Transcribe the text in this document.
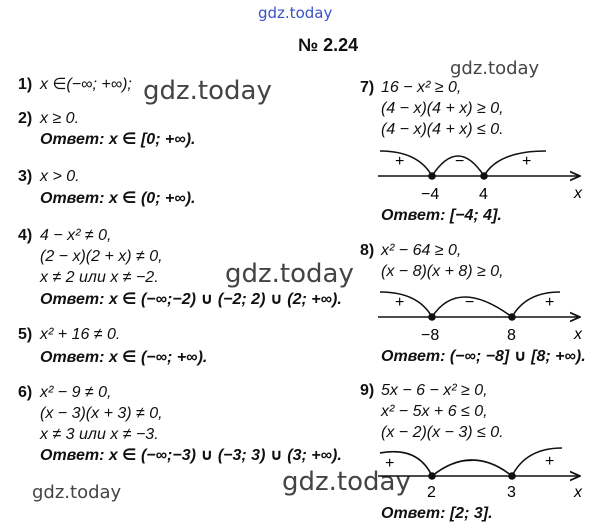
gdz.today
gdz.today
gdz.today
gdz.today
gdz.today	gdz.today
№ 2.24
1) x ∈(−∞; +∞);
2) x ≥ 0.
Ответ: x ∈ [0; +∞).
3) x > 0.
Ответ: x ∈ (0; +∞).
4) 4 − x² ≠ 0,
(2 − x)(2 + x) ≠ 0,
x ≠ 2 или x ≠ −2.
Ответ: x ∈ (−∞;−2) ∪ (−2; 2) ∪ (2; +∞).
5) x² + 16 ≠ 0.
Ответ: x ∈ (−∞; +∞).
6) x² − 9 ≠ 0,
(x − 3)(x + 3) ≠ 0,
x ≠ 3 или x ≠ −3.
Ответ: x ∈ (−∞;−3) ∪ (−3; 3) ∪ (3; +∞).
7) 16 − x² ≥ 0,
(4 − x)(4 + x) ≥ 0,
(4 − x)(4 + x) ≤ 0.
Ответ: [−4; 4].
8) x² − 64 ≥ 0,
(x − 8)(x + 8) ≥ 0,
Ответ: (−∞; −8] ∪ [8; +∞).
9) 5x − 6 − x² ≥ 0,
x² − 5x + 6 ≤ 0,
(x − 2)(x − 3) ≤ 0.
Ответ: [2; 3].
+	−	+
−4 4	x
+	−	+
−8	8	x
+	−	+
2	3	x
